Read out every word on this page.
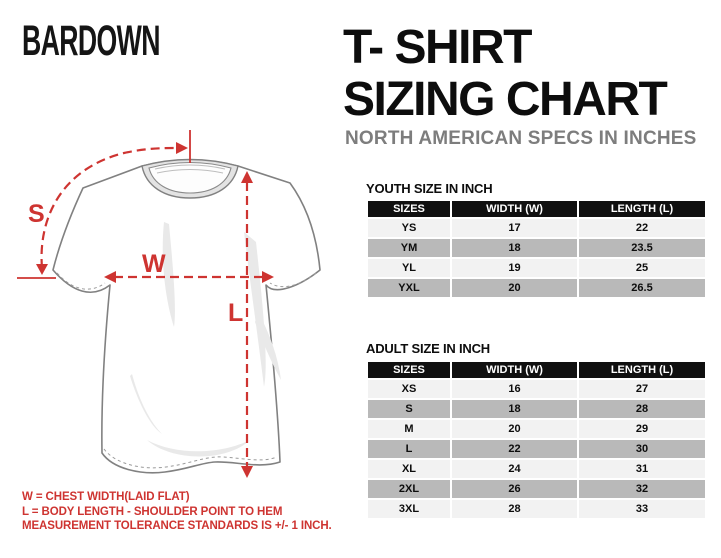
BARDOWN	T- SHIRT
SIZING CHART
NORTH AMERICAN SPECS IN INCHES
S
W
L
YOUTH SIZE IN INCH
SIZES	WIDTH (W)	LENGTH (L)
YS	17	22
YM	18	23.5
YL	19	25
YXL	20	26.5
ADULT SIZE IN INCH
SIZES	WIDTH (W)	LENGTH (L)
XS	16	27
S	18	28
M	20	29
L	22	30
XL	24	31
2XL	26	32
3XL	28	33
W = CHEST WIDTH(LAID FLAT)
L = BODY LENGTH - SHOULDER POINT TO HEM
MEASUREMENT TOLERANCE STANDARDS IS +/- 1 INCH.
